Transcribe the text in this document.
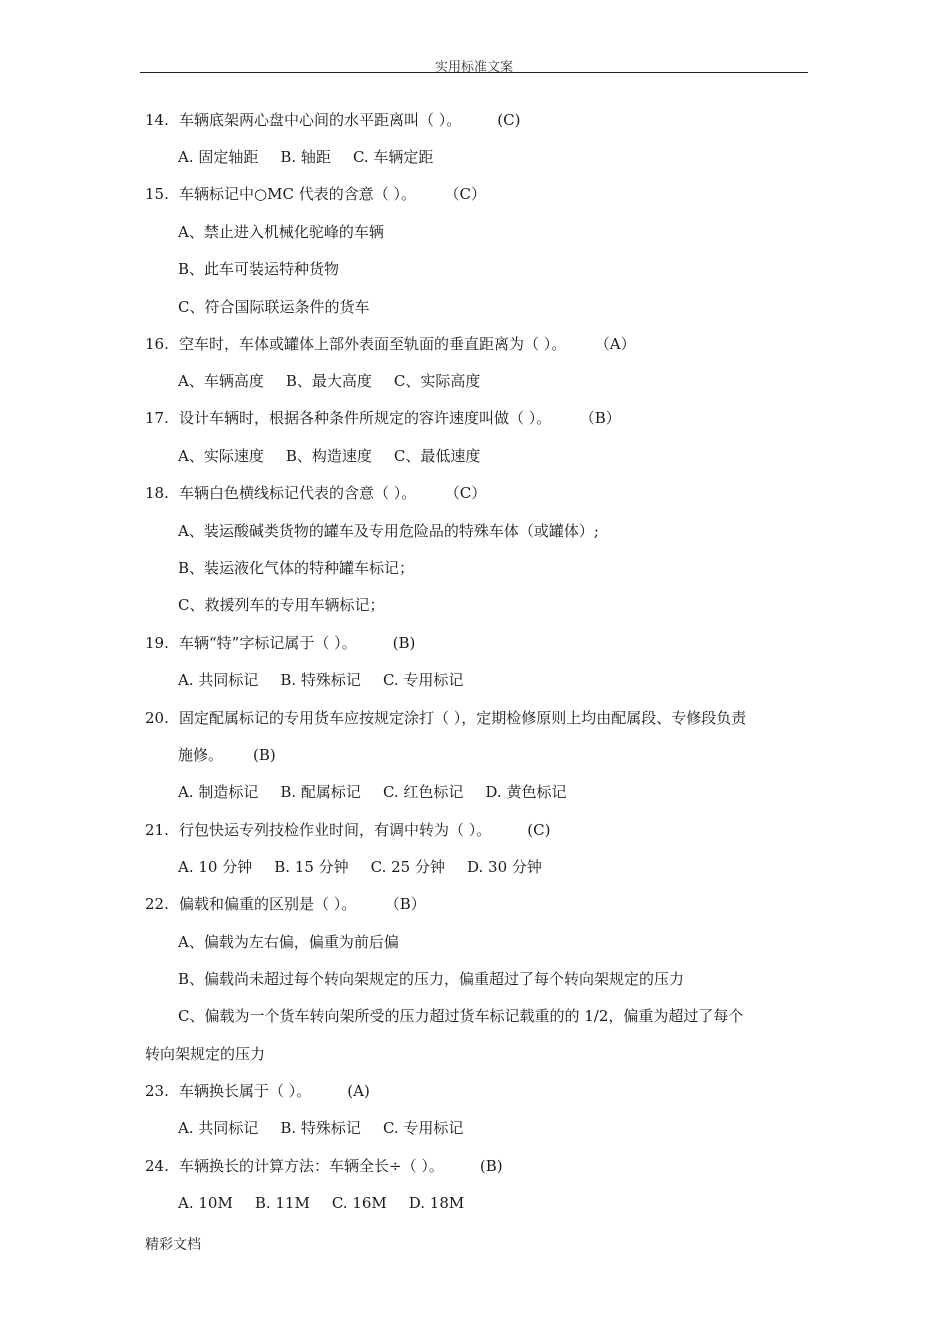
实用标准文案
14. 车辆底架两心盘中心间的水平距离叫（ ）。 (C)
A. 固定轴距 B. 轴距 C. 车辆定距
15. 车辆标记中○MC 代表的含意（ ）。 （C）
A、禁止进入机械化驼峰的车辆
B、此车可装运特种货物
C、符合国际联运条件的货车
16. 空车时，车体或罐体上部外表面至轨面的垂直距离为（ ）。 （A）
A、车辆高度 B、最大高度 C、实际高度
17. 设计车辆时，根据各种条件所规定的容许速度叫做（ ）。 （B）
A、实际速度 B、构造速度 C、最低速度
18. 车辆白色横线标记代表的含意（ ）。 （C）
A、装运酸碱类货物的罐车及专用危险品的特殊车体（或罐体）;
B、装运液化气体的特种罐车标记；
C、救援列车的专用车辆标记；
19. 车辆“特”字标记属于（ ）。 (B)
A. 共同标记 B. 特殊标记 C. 专用标记
20. 固定配属标记的专用货车应按规定涂打（ ），定期检修原则上均由配属段、专修段负责
施修。 (B)
A. 制造标记 B. 配属标记 C. 红色标记 D. 黄色标记
21. 行包快运专列技检作业时间，有调中转为（ ）。 (C)
A. 10 分钟 B. 15 分钟 C. 25 分钟 D. 30 分钟
22. 偏载和偏重的区别是（ ）。 （B）
A、偏载为左右偏，偏重为前后偏
B、偏载尚未超过每个转向架规定的压力，偏重超过了每个转向架规定的压力
C、偏载为一个货车转向架所受的压力超过货车标记载重的的 1/2，偏重为超过了每个
转向架规定的压力
23. 车辆换长属于（ ）。 (A)
A. 共同标记 B. 特殊标记 C. 专用标记
24. 车辆换长的计算方法：车辆全长÷（ ）。 (B)
A. 10M B. 11M C. 16M D. 18M
精彩文档
